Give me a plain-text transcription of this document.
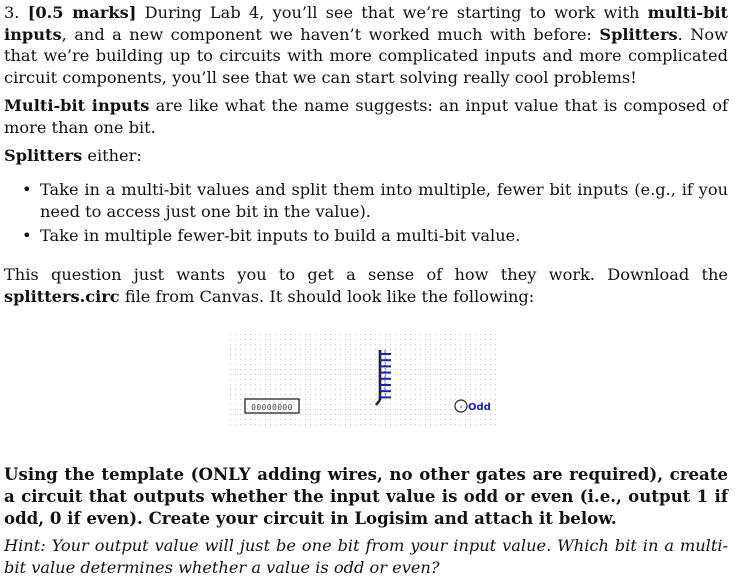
3. [0.5 marks] During Lab 4, you’ll see that we’re starting to work with multi-bit inputs, and a new component we haven’t worked much with before: Splitters. Now that we’re building up to circuits with more complicated inputs and more complicated circuit components, you’ll see that we can start solving really cool problems!

Multi-bit inputs are like what the name suggests: an input value that is composed of more than one bit.

Splitters either:

• Take in a multi-bit values and split them into multiple, fewer bit inputs (e.g., if you need to access just one bit in the value).
• Take in multiple fewer-bit inputs to build a multi-bit value.

This question just wants you to get a sense of how they work. Download the splitters.circ file from Canvas. It should look like the following:

00000000
0
1
2
3
4
5
6
7
x Odd

Using the template (ONLY adding wires, no other gates are required), create a circuit that outputs whether the input value is odd or even (i.e., output 1 if odd, 0 if even). Create your circuit in Logisim and attach it below.

Hint: Your output value will just be one bit from your input value. Which bit in a multi-bit value determines whether a value is odd or even?
